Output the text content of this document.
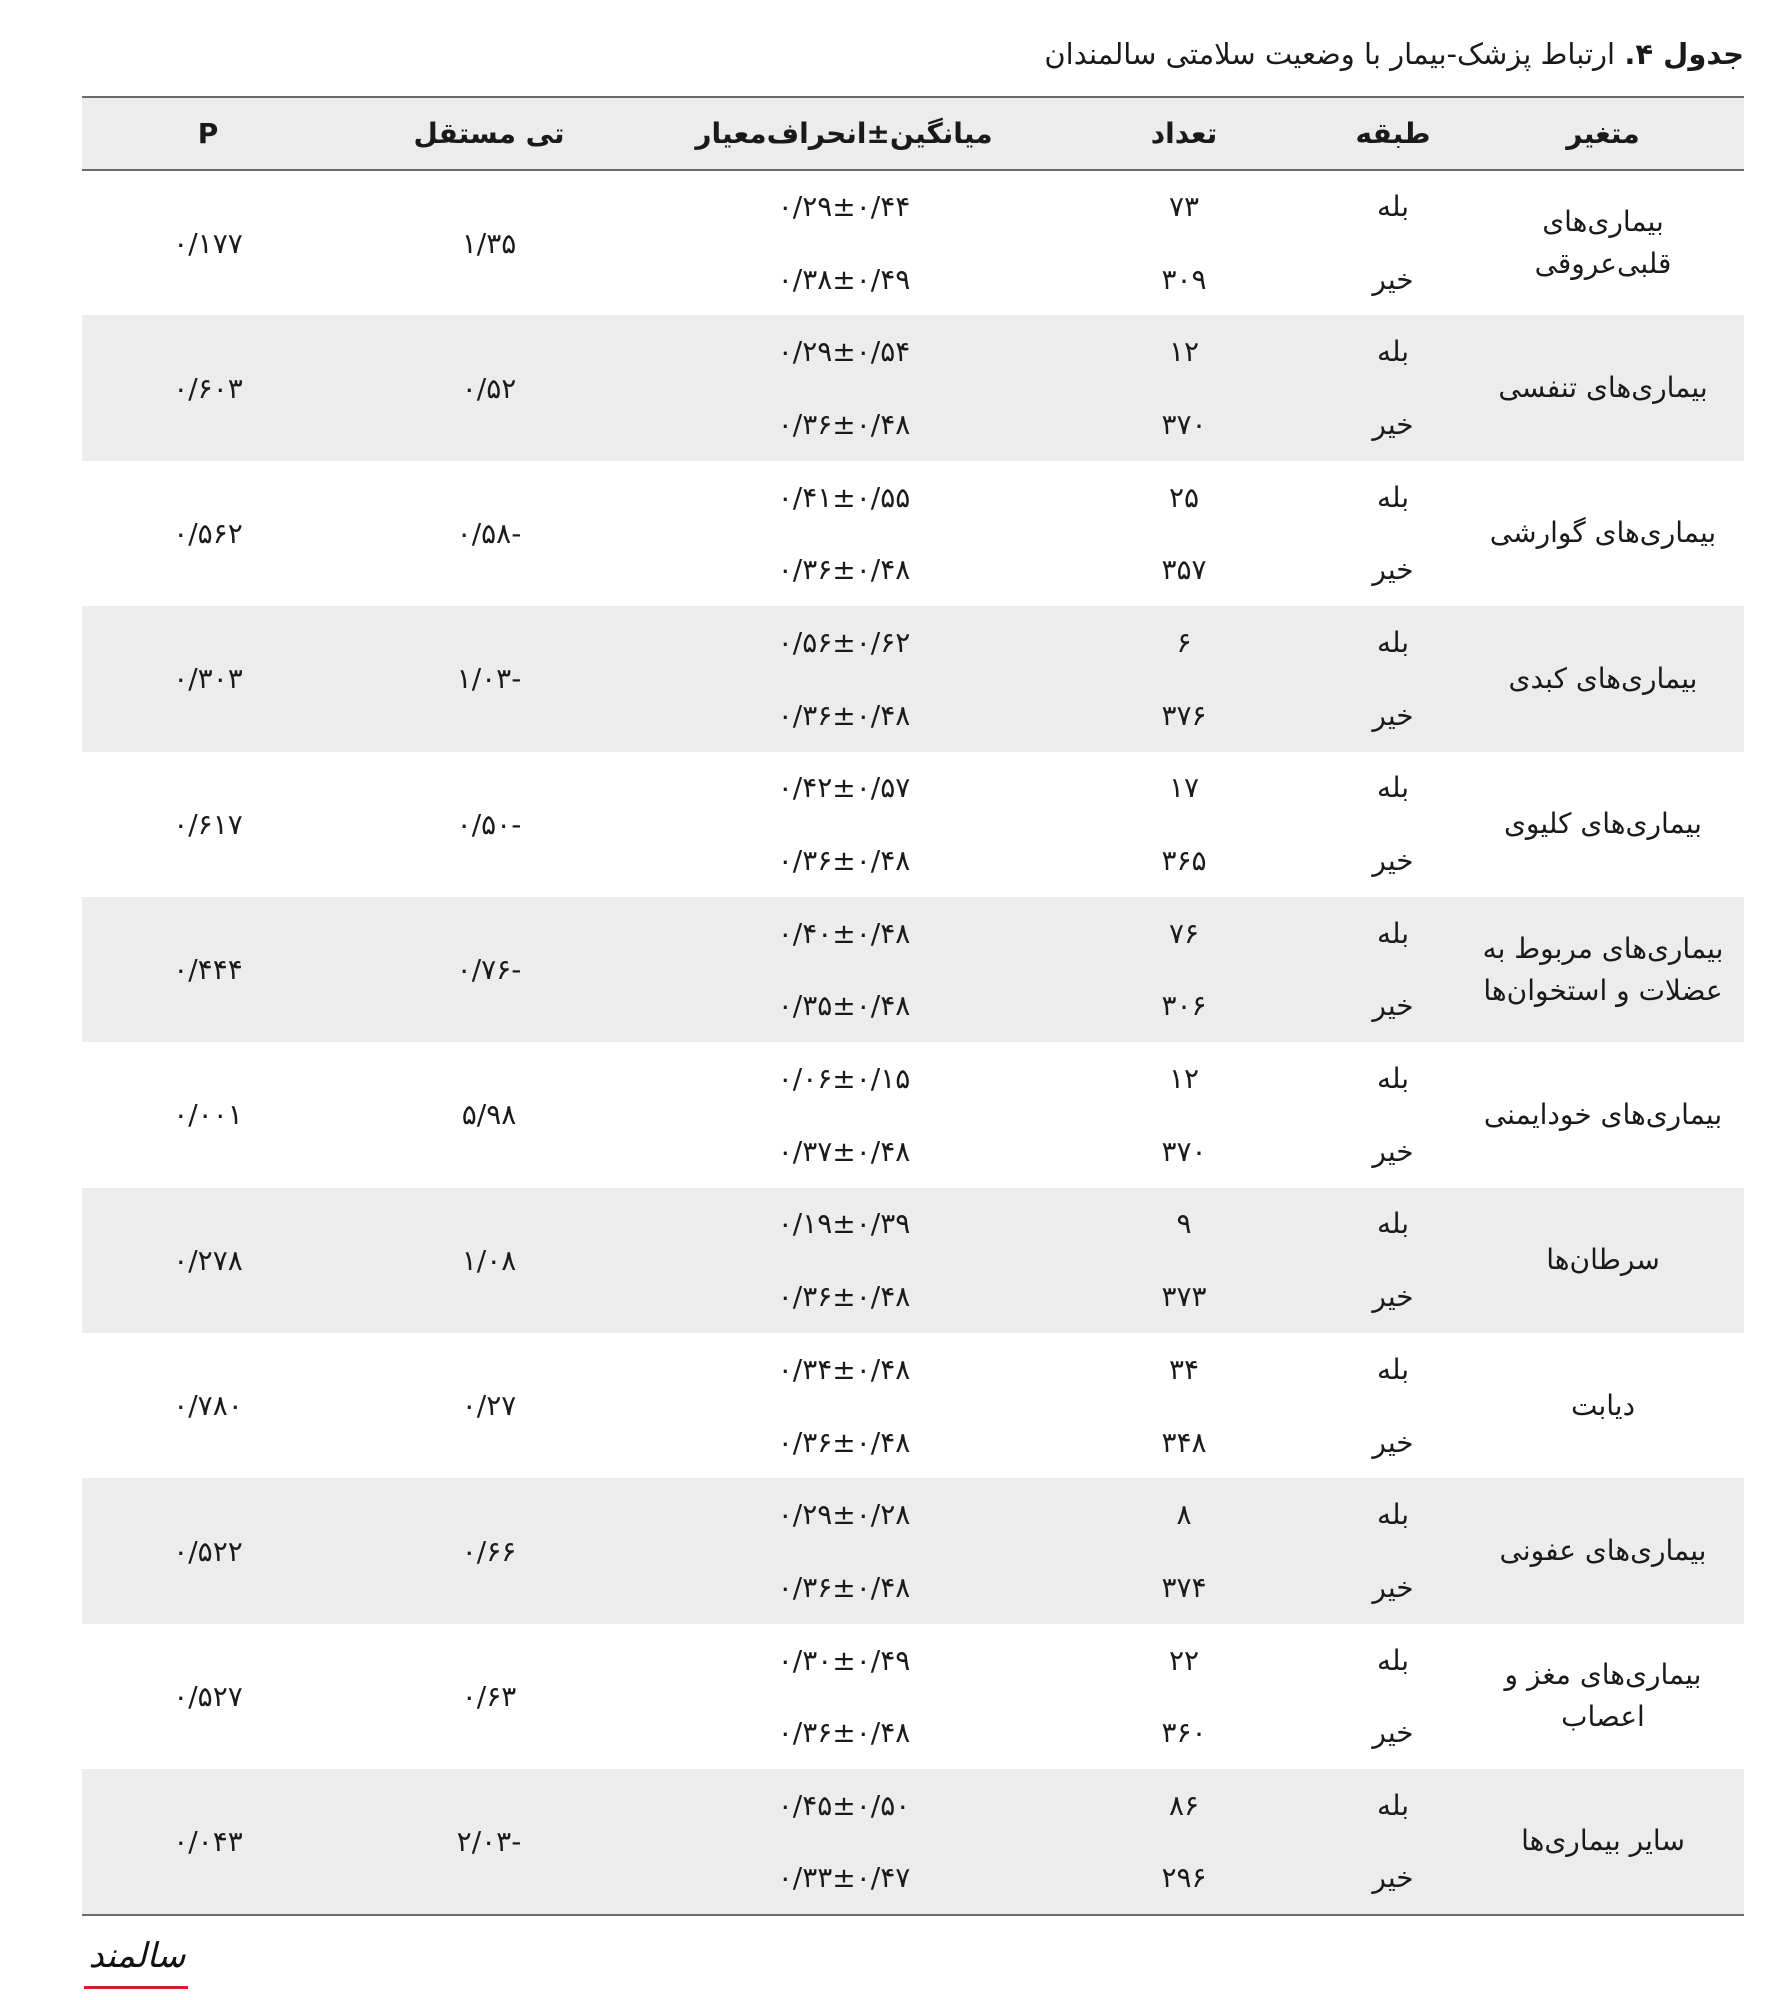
جدول ۴. ارتباط پزشک-بیمار با وضعیت سلامتی سالمندان
متغیر	طبقه	تعداد	میانگین±انحراف‌معیار	تی مستقل	P
بیماری‌های قلبی‌عروقی	بله	۷۳	۰/۲۹±۰/۴۴	۱/۳۵	۰/۱۷۷
	خیر	۳۰۹	۰/۳۸±۰/۴۹		
بیماری‌های تنفسی	بله	۱۲	۰/۲۹±۰/۵۴	۰/۵۲	۰/۶۰۳
	خیر	۳۷۰	۰/۳۶±۰/۴۸		
بیماری‌های گوارشی	بله	۲۵	۰/۴۱±۰/۵۵	-۰/۵۸	۰/۵۶۲
	خیر	۳۵۷	۰/۳۶±۰/۴۸		
بیماری‌های کبدی	بله	۶	۰/۵۶±۰/۶۲	-۱/۰۳	۰/۳۰۳
	خیر	۳۷۶	۰/۳۶±۰/۴۸		
بیماری‌های کلیوی	بله	۱۷	۰/۴۲±۰/۵۷	-۰/۵۰	۰/۶۱۷
	خیر	۳۶۵	۰/۳۶±۰/۴۸		
بیماری‌های مربوط به عضلات و استخوان‌ها	بله	۷۶	۰/۴۰±۰/۴۸	-۰/۷۶	۰/۴۴۴
	خیر	۳۰۶	۰/۳۵±۰/۴۸		
بیماری‌های خودایمنی	بله	۱۲	۰/۰۶±۰/۱۵	۵/۹۸	۰/۰۰۱
	خیر	۳۷۰	۰/۳۷±۰/۴۸		
سرطان‌ها	بله	۹	۰/۱۹±۰/۳۹	۱/۰۸	۰/۲۷۸
	خیر	۳۷۳	۰/۳۶±۰/۴۸		
دیابت	بله	۳۴	۰/۳۴±۰/۴۸	۰/۲۷	۰/۷۸۰
	خیر	۳۴۸	۰/۳۶±۰/۴۸		
بیماری‌های عفونی	بله	۸	۰/۲۹±۰/۲۸	۰/۶۶	۰/۵۲۲
	خیر	۳۷۴	۰/۳۶±۰/۴۸		
بیماری‌های مغز و اعصاب	بله	۲۲	۰/۳۰±۰/۴۹	۰/۶۳	۰/۵۲۷
	خیر	۳۶۰	۰/۳۶±۰/۴۸		
سایر بیماری‌ها	بله	۸۶	۰/۴۵±۰/۵۰	-۲/۰۳	۰/۰۴۳
	خیر	۲۹۶	۰/۳۳±۰/۴۷		
سالمند
